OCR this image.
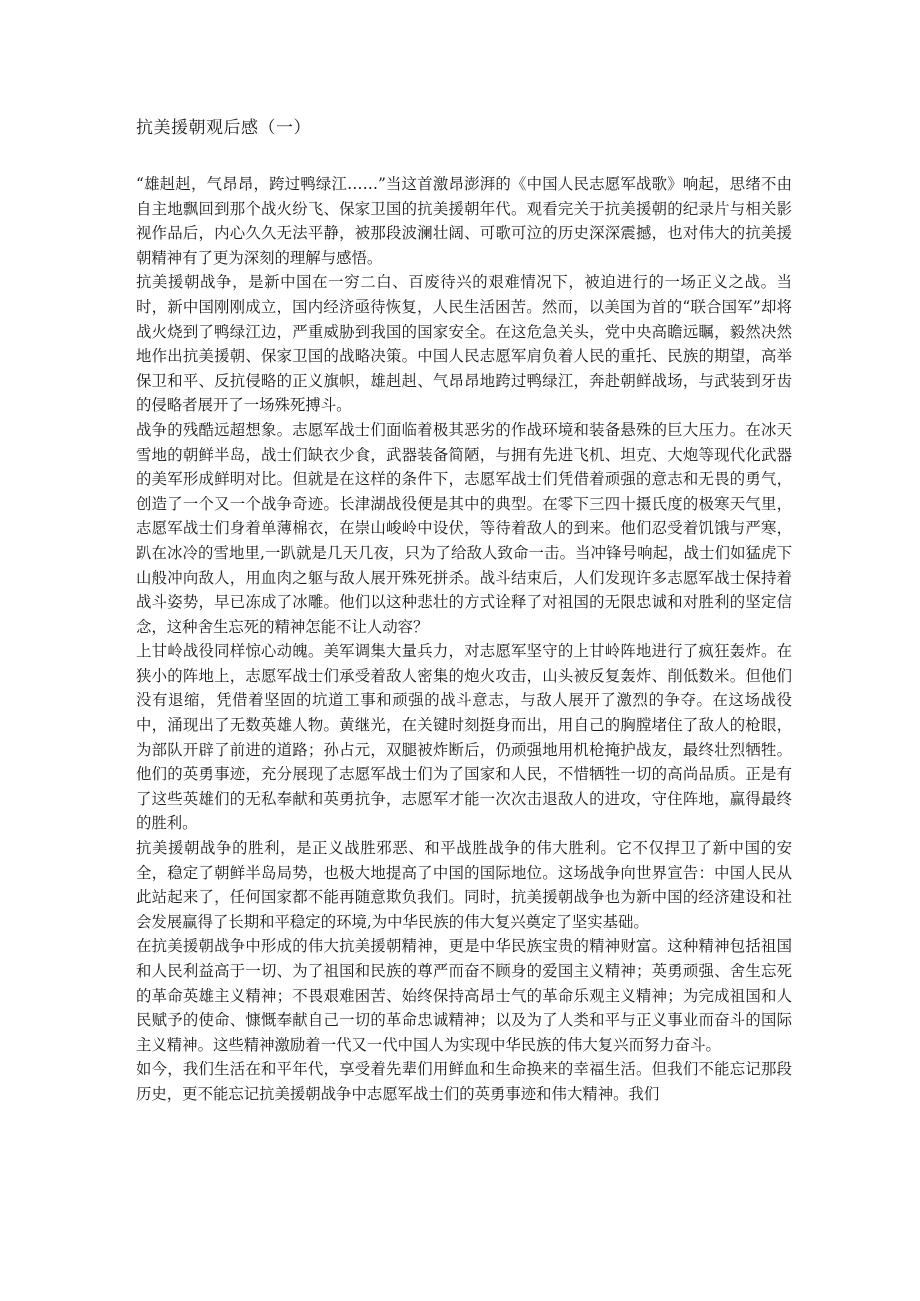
抗美援朝观后感（一）

“雄赳赳，气昂昂，跨过鸭绿江……”当这首激昂澎湃的《中国人民志愿军战歌》响起，思绪不由自主地飘回到那个战火纷飞、保家卫国的抗美援朝年代。观看完关于抗美援朝的纪录片与相关影视作品后，内心久久无法平静，被那段波澜壮阔、可歌可泣的历史深深震撼，也对伟大的抗美援朝精神有了更为深刻的理解与感悟。

抗美援朝战争，是新中国在一穷二白、百废待兴的艰难情况下，被迫进行的一场正义之战。当时，新中国刚刚成立，国内经济亟待恢复，人民生活困苦。然而，以美国为首的“联合国军”却将战火烧到了鸭绿江边，严重威胁到我国的国家安全。在这危急关头，党中央高瞻远瞩，毅然决然地作出抗美援朝、保家卫国的战略决策。中国人民志愿军肩负着人民的重托、民族的期望，高举保卫和平、反抗侵略的正义旗帜，雄赳赳、气昂昂地跨过鸭绿江，奔赴朝鲜战场，与武装到牙齿的侵略者展开了一场殊死搏斗。

战争的残酷远超想象。志愿军战士们面临着极其恶劣的作战环境和装备悬殊的巨大压力。在冰天雪地的朝鲜半岛，战士们缺衣少食，武器装备简陋，与拥有先进飞机、坦克、大炮等现代化武器的美军形成鲜明对比。但就是在这样的条件下，志愿军战士们凭借着顽强的意志和无畏的勇气，创造了一个又一个战争奇迹。长津湖战役便是其中的典型。在零下三四十摄氏度的极寒天气里，志愿军战士们身着单薄棉衣，在崇山峻岭中设伏，等待着敌人的到来。他们忍受着饥饿与严寒，趴在冰冷的雪地里,一趴就是几天几夜，只为了给敌人致命一击。当冲锋号响起，战士们如猛虎下山般冲向敌人，用血肉之躯与敌人展开殊死拼杀。战斗结束后，人们发现许多志愿军战士保持着战斗姿势，早已冻成了冰雕。他们以这种悲壮的方式诠释了对祖国的无限忠诚和对胜利的坚定信念，这种舍生忘死的精神怎能不让人动容？

上甘岭战役同样惊心动魄。美军调集大量兵力，对志愿军坚守的上甘岭阵地进行了疯狂轰炸。在狭小的阵地上，志愿军战士们承受着敌人密集的炮火攻击，山头被反复轰炸、削低数米。但他们没有退缩，凭借着坚固的坑道工事和顽强的战斗意志，与敌人展开了激烈的争夺。在这场战役中，涌现出了无数英雄人物。黄继光，在关键时刻挺身而出，用自己的胸膛堵住了敌人的枪眼，为部队开辟了前进的道路；孙占元，双腿被炸断后，仍顽强地用机枪掩护战友，最终壮烈牺牲。他们的英勇事迹，充分展现了志愿军战士们为了国家和人民，不惜牺牲一切的高尚品质。正是有了这些英雄们的无私奉献和英勇抗争，志愿军才能一次次击退敌人的进攻，守住阵地，赢得最终的胜利。

抗美援朝战争的胜利，是正义战胜邪恶、和平战胜战争的伟大胜利。它不仅捍卫了新中国的安全，稳定了朝鲜半岛局势，也极大地提高了中国的国际地位。这场战争向世界宣告：中国人民从此站起来了，任何国家都不能再随意欺负我们。同时，抗美援朝战争也为新中国的经济建设和社会发展赢得了长期和平稳定的环境,为中华民族的伟大复兴奠定了坚实基础。

在抗美援朝战争中形成的伟大抗美援朝精神，更是中华民族宝贵的精神财富。这种精神包括祖国和人民利益高于一切、为了祖国和民族的尊严而奋不顾身的爱国主义精神；英勇顽强、舍生忘死的革命英雄主义精神；不畏艰难困苦、始终保持高昂士气的革命乐观主义精神；为完成祖国和人民赋予的使命、慷慨奉献自己一切的革命忠诚精神；以及为了人类和平与正义事业而奋斗的国际主义精神。这些精神激励着一代又一代中国人为实现中华民族的伟大复兴而努力奋斗。

如今，我们生活在和平年代，享受着先辈们用鲜血和生命换来的幸福生活。但我们不能忘记那段历史，更不能忘记抗美援朝战争中志愿军战士们的英勇事迹和伟大精神。我们
